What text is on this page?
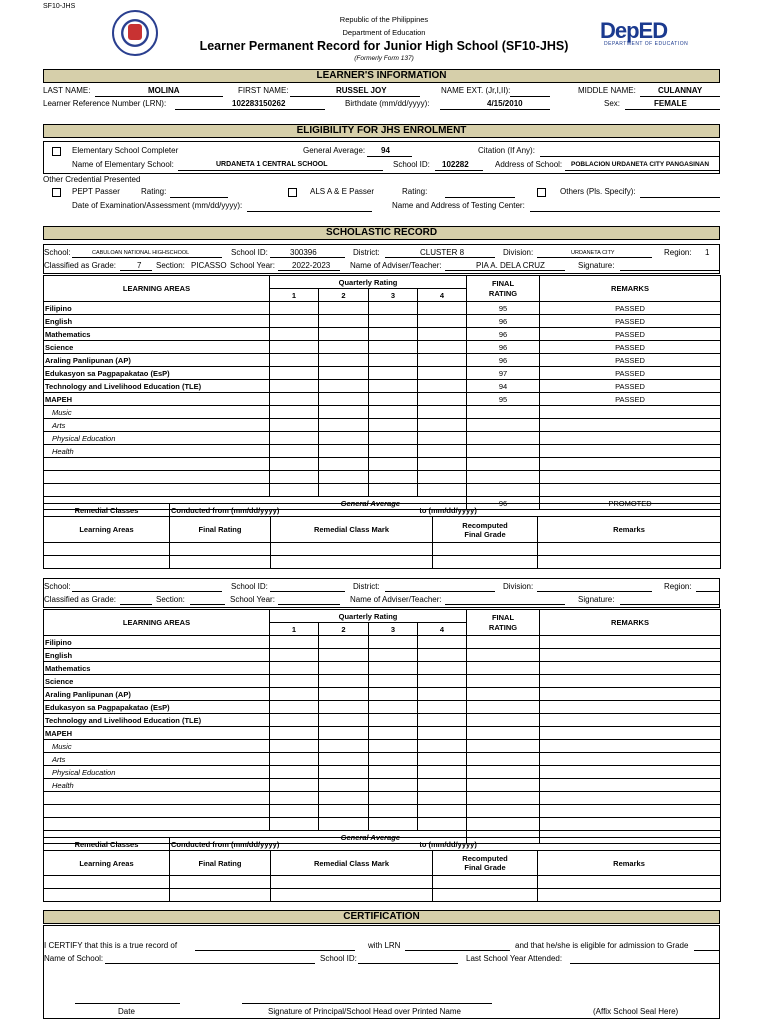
SF10-JHS
Republic of the Philippines
Department of Education
Learner Permanent Record for Junior High School (SF10-JHS)
(Formerly Form 137)
DepED
DEPARTMENT OF EDUCATION
LEARNER'S INFORMATION
LAST NAME:	MOLINA	FIRST NAME:	RUSSEL JOY	NAME EXT. (Jr,I,II):	MIDDLE NAME:	CULANNAY
Learner Reference Number (LRN):	102283150262	Birthdate (mm/dd/yyyy):	4/15/2010	Sex:	FEMALE
ELIGIBILITY FOR JHS ENROLMENT
Elementary School Completer	General Average: 94	Citation (If Any):
Name of Elementary School:	URDANETA 1 CENTRAL SCHOOL	School ID: 102282	Address of School: POBLACION URDANETA CITY PANGASINAN
Other Credential Presented
PEPT Passer	Rating:	ALS A & E Passer	Rating:	Others (Pls. Specify):
Date of Examination/Assessment (mm/dd/yyyy):	Name and Address of Testing Center:
SCHOLASTIC RECORD
School:	CABULOAN NATIONAL HIGHSCHOOL	School ID:	300396	District:	CLUSTER 8	Division:	URDANETA CITY	Region: 1
Classified as Grade:	7 Section: PICASSO School Year: 2022-2023 Name of Adviser/Teacher:	PIA A. DELA CRUZ	Signature:
LEARNING AREAS	Quarterly Rating				FINAL
RATING	REMARKS
	1	2	3	4		
Filipino					95	PASSED
English					96	PASSED
Mathematics					96	PASSED
Science					96	PASSED
Araling Panlipunan (AP)					96	PASSED
Edukasyon sa Pagpapakatao (EsP)					97	PASSED
Technology and Livelihood Education (TLE)					94	PASSED
MAPEH					95	PASSED
Music						
Arts						
Physical Education						
Health						

General Average					96	PROMOTED
Remedial Classes	Conducted from (mm/dd/yyyy) to (mm/dd/yyyy)			
Learning Areas	Final Rating	Remedial Class Mark	Recomputed
Final Grade	Remarks

School:	School ID:	District:	Division:	Region:
Classified as Grade:	Section:	School Year:	Name of Adviser/Teacher:	Signature:
LEARNING AREAS	Quarterly Rating				FINAL
RATING	REMARKS
	1	2	3	4		
Filipino						
English						
Mathematics						
Science						
Araling Panlipunan (AP)						
Edukasyon sa Pagpapakatao (EsP)						
Technology and Livelihood Education (TLE)						
MAPEH						
Music						
Arts						
Physical Education						
Health						

General Average						
Remedial Classes	Conducted from (mm/dd/yyyy) to (mm/dd/yyyy)			
Learning Areas	Final Rating	Remedial Class Mark	Recomputed
Final Grade	Remarks

CERTIFICATION
I CERTIFY that this is a true record of	with LRN	and that he/she is eligible for admission to Grade
Name of School:	School ID:	Last School Year Attended:
Date	Signature of Principal/School Head over Printed Name	(Affix School Seal Here)
